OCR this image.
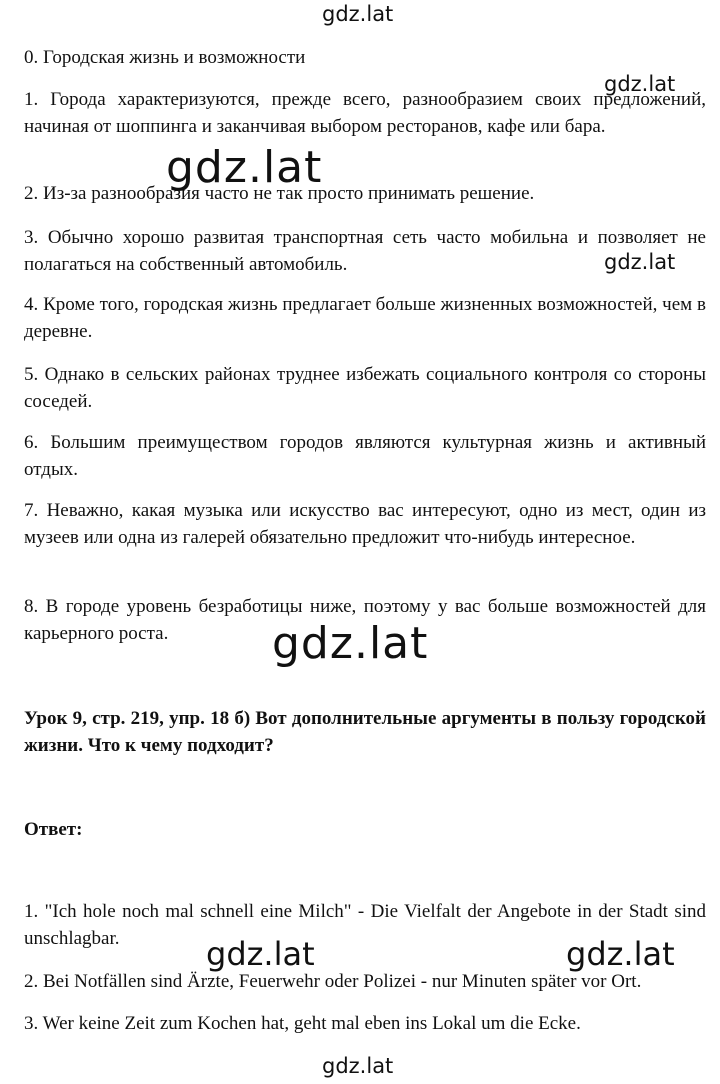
gdz.lat
gdz.lat
gdz.lat
gdz.lat
gdz.lat
gdz.lat	gdz.lat
gdz.lat

0. Городская жизнь и возможности

1. Города характеризуются, прежде всего, разнообразием своих предложений, начиная от шоппинга и заканчивая выбором ресторанов, кафе или бара.

2. Из-за разнообразия часто не так просто принимать решение.

3. Обычно хорошо развитая транспортная сеть часто мобильна и позволяет не полагаться на собственный автомобиль.

4. Кроме того, городская жизнь предлагает больше жизненных возможностей, чем в деревне.

5. Однако в сельских районах труднее избежать социального контроля со стороны соседей.

6. Большим преимуществом городов являются культурная жизнь и активный отдых.

7. Неважно, какая музыка или искусство вас интересуют, одно из мест, один из музеев или одна из галерей обязательно предложит что-нибудь интересное.

8. В городе уровень безработицы ниже, поэтому у вас больше возможностей для карьерного роста.

Урок 9, стр. 219, упр. 18 б) Вот дополнительные аргументы в пользу городской жизни. Что к чему подходит?

Ответ:

1. "Ich hole noch mal schnell eine Milch" - Die Vielfalt der Angebote in der Stadt sind unschlagbar.

2. Bei Notfällen sind Ärzte, Feuerwehr oder Polizei - nur Minuten später vor Ort.

3. Wer keine Zeit zum Kochen hat, geht mal eben ins Lokal um die Ecke.
